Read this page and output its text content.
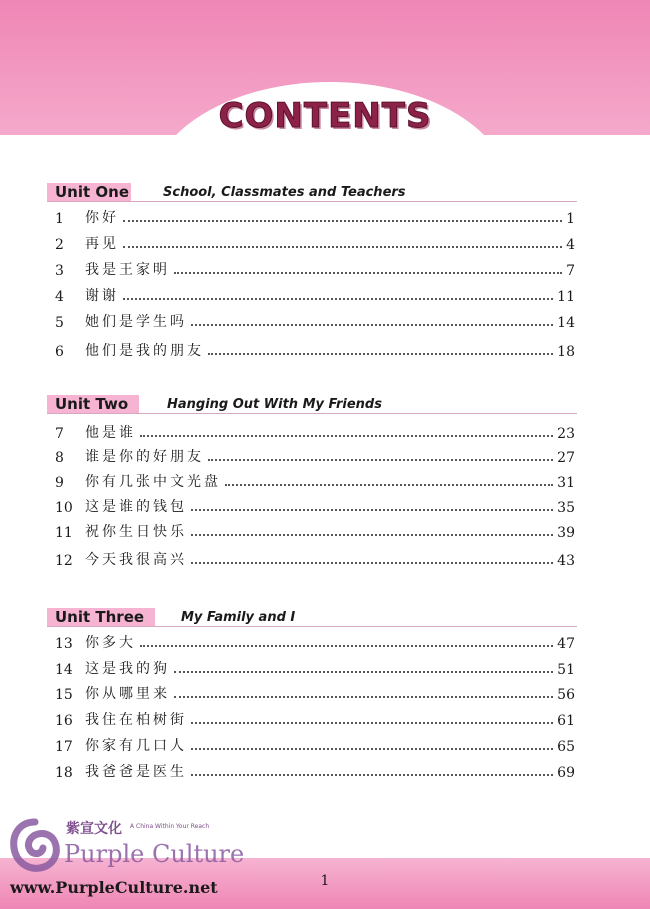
CONTENTS
Unit One	School, Classmates and Teachers
1	你好	1
2	再见	4
3	我是王家明	7
4	谢谢	11
5	她们是学生吗	14
6	他们是我的朋友	18
Unit Two	Hanging Out With My Friends
7	他是谁	23
8	谁是你的好朋友	27
9	你有几张中文光盘	31
10 这是谁的钱包	35
11 祝你生日快乐	39
12 今天我很高兴	43
Unit Three	My Family and I
13 你多大	47
14 这是我的狗	51
15 你从哪里来	56
16 我住在柏树街	61
17 你家有几口人	65
18 我爸爸是医生	69
紫宣文化 A China Within Your Reach
Purple Culture
www.PurpleCulture.net	1
